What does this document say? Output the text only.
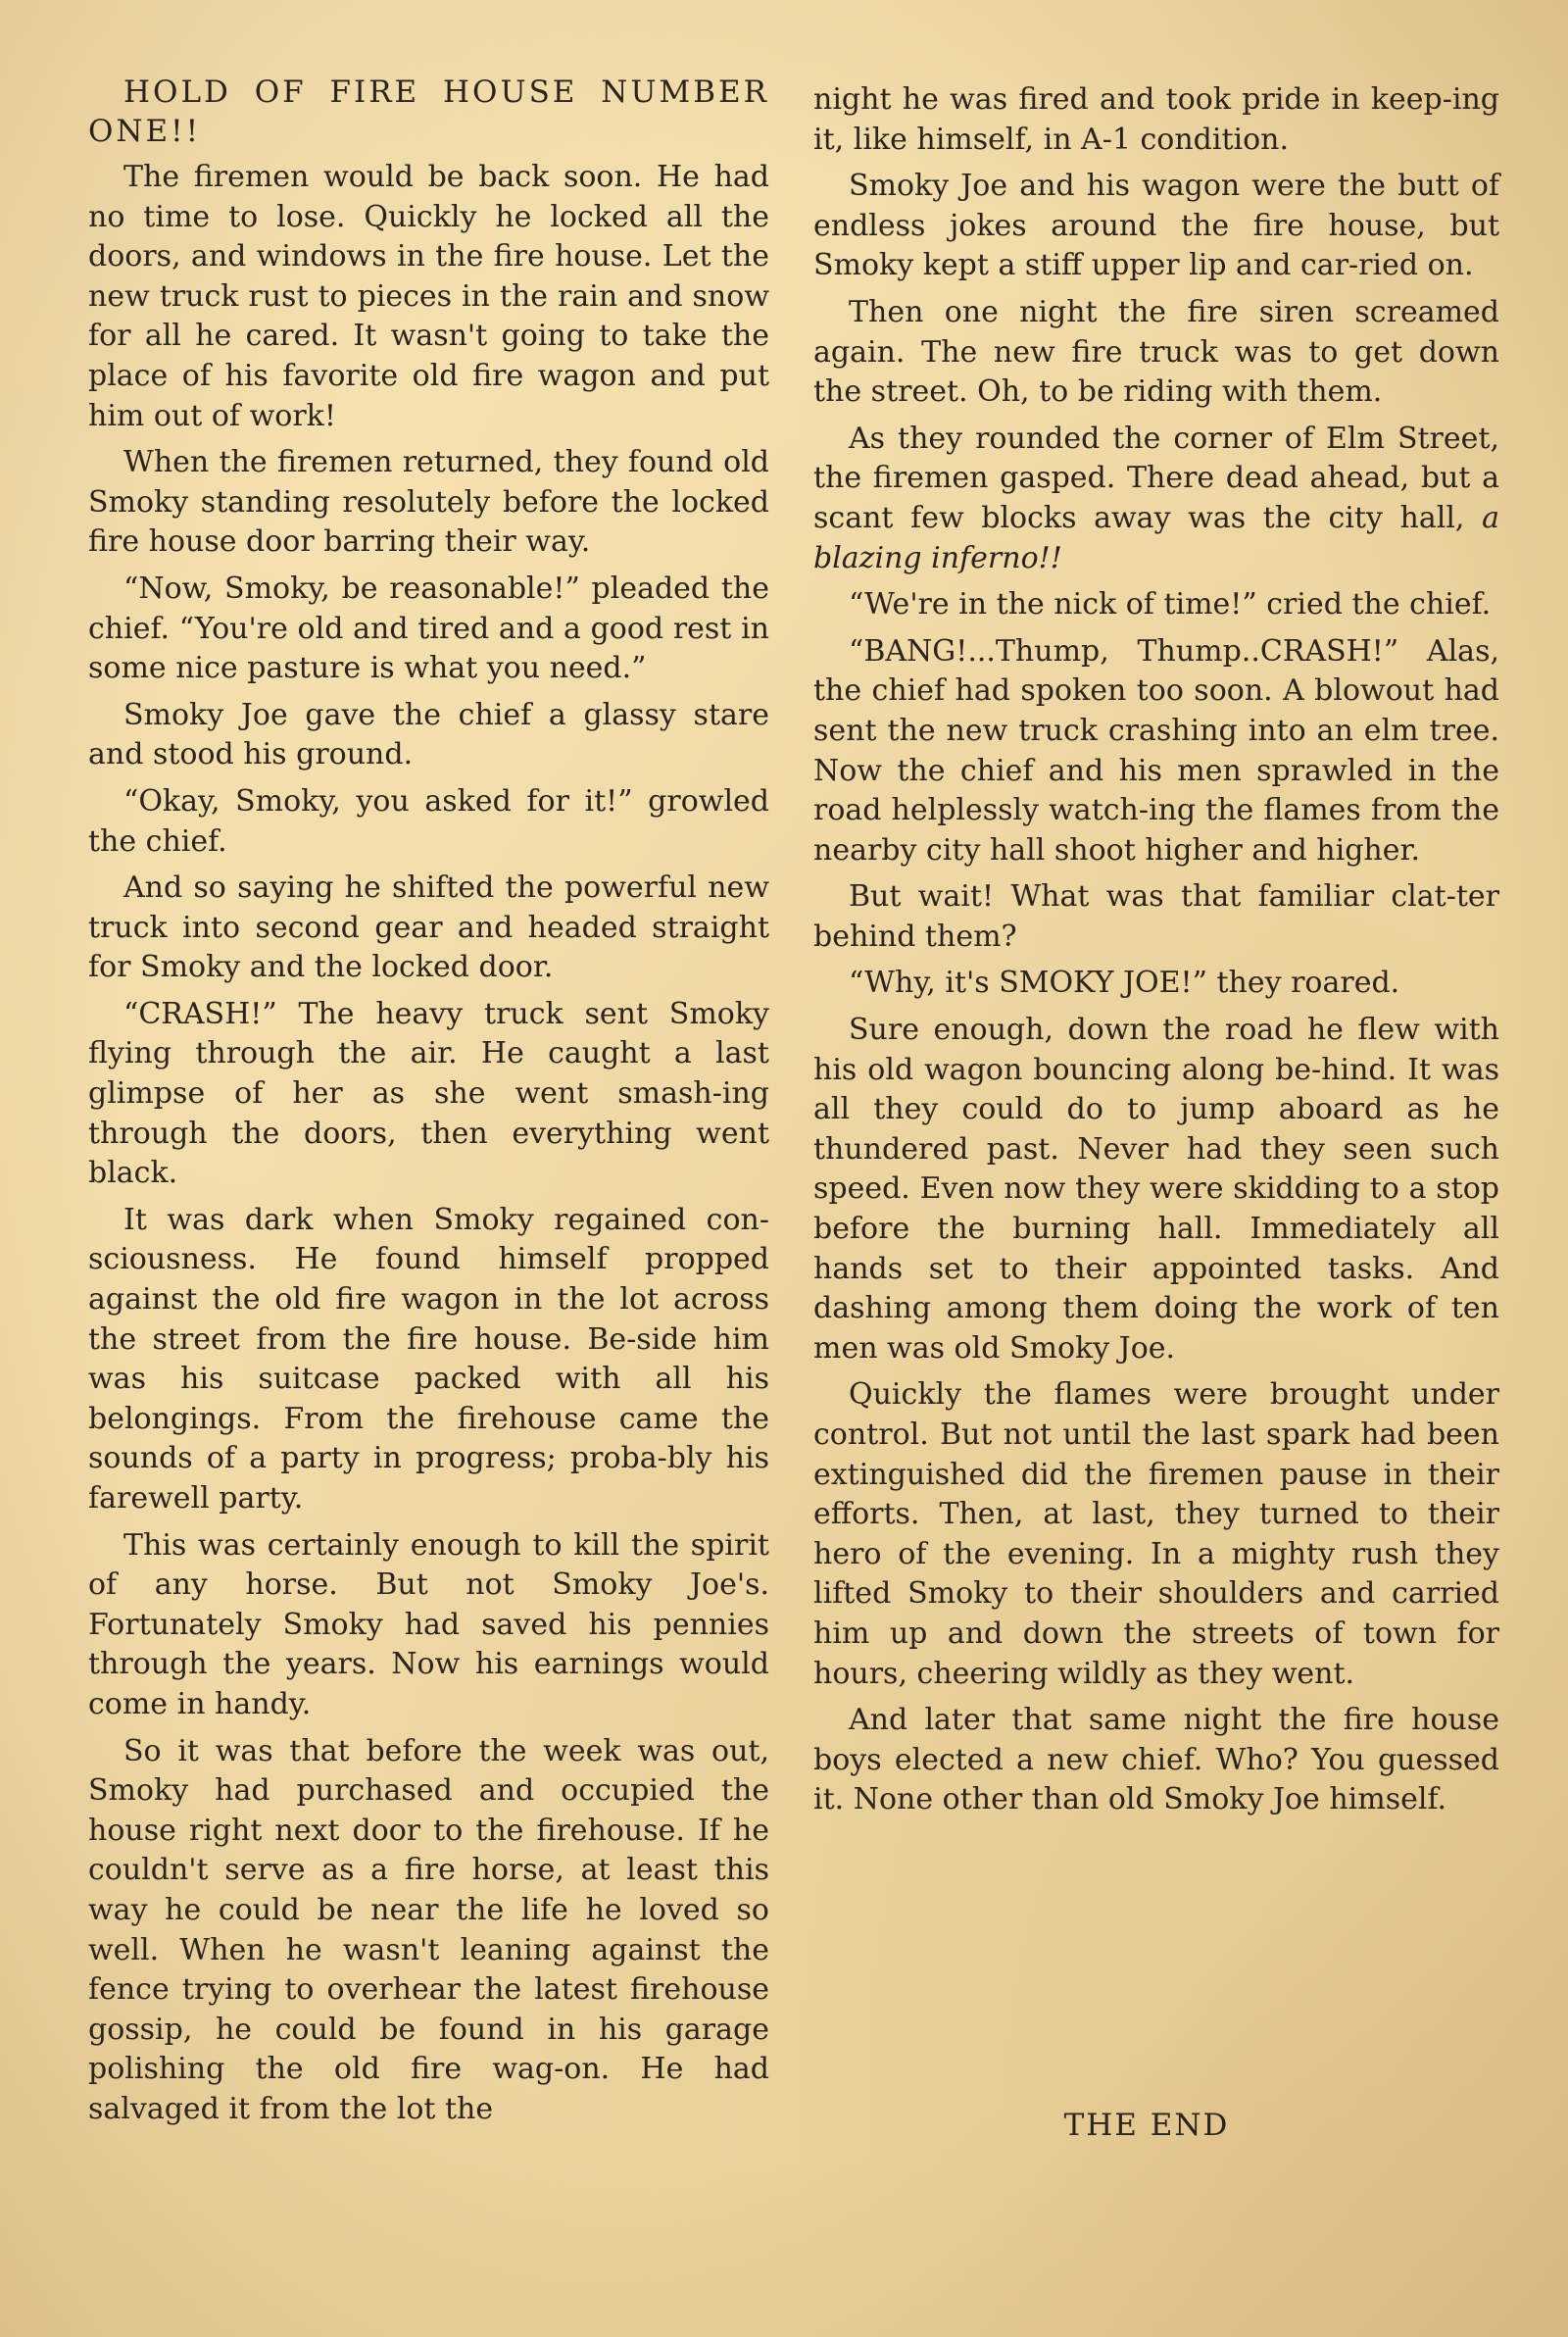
HOLD OF FIRE HOUSE NUMBER ONE!!

The firemen would be back soon. He had no time to lose. Quickly he locked all the doors, and windows in the fire house. Let the new truck rust to pieces in the rain and snow for all he cared. It wasn't going to take the place of his favorite old fire wagon and put him out of work!

When the firemen returned, they found old Smoky standing resolutely before the locked fire house door barring their way.

“Now, Smoky, be reasonable!” pleaded the chief. “You're old and tired and a good rest in some nice pasture is what you need.”

Smoky Joe gave the chief a glassy stare and stood his ground.

“Okay, Smoky, you asked for it!” growled the chief.

And so saying he shifted the powerful new truck into second gear and headed straight for Smoky and the locked door.

“CRASH!” The heavy truck sent Smoky flying through the air. He caught a last glimpse of her as she went smash-ing through the doors, then everything went black.

It was dark when Smoky regained con-sciousness. He found himself propped against the old fire wagon in the lot across the street from the fire house. Be-side him was his suitcase packed with all his belongings. From the firehouse came the sounds of a party in progress; proba-bly his farewell party.

This was certainly enough to kill the spirit of any horse. But not Smoky Joe's. Fortunately Smoky had saved his pennies through the years. Now his earnings would come in handy.

So it was that before the week was out, Smoky had purchased and occupied the house right next door to the firehouse. If he couldn't serve as a fire horse, at least this way he could be near the life he loved so well. When he wasn't leaning against the fence trying to overhear the latest firehouse gossip, he could be found in his garage polishing the old fire wag-on. He had salvaged it from the lot the

night he was fired and took pride in keep-ing it, like himself, in A-1 condition.

Smoky Joe and his wagon were the butt of endless jokes around the fire house, but Smoky kept a stiff upper lip and car-ried on.

Then one night the fire siren screamed again. The new fire truck was to get down the street. Oh, to be riding with them.

As they rounded the corner of Elm Street, the firemen gasped. There dead ahead, but a scant few blocks away was the city hall, a blazing inferno!!

“We're in the nick of time!” cried the chief.

“BANG!...Thump, Thump..CRASH!” Alas, the chief had spoken too soon. A blowout had sent the new truck crashing into an elm tree. Now the chief and his men sprawled in the road helplessly watch-ing the flames from the nearby city hall shoot higher and higher.

But wait! What was that familiar clat-ter behind them?

“Why, it's SMOKY JOE!” they roared.

Sure enough, down the road he flew with his old wagon bouncing along be-hind. It was all they could do to jump aboard as he thundered past. Never had they seen such speed. Even now they were skidding to a stop before the burning hall. Immediately all hands set to their appointed tasks. And dashing among them doing the work of ten men was old Smoky Joe.

Quickly the flames were brought under control. But not until the last spark had been extinguished did the firemen pause in their efforts. Then, at last, they turned to their hero of the evening. In a mighty rush they lifted Smoky to their shoulders and carried him up and down the streets of town for hours, cheering wildly as they went.

And later that same night the fire house boys elected a new chief. Who? You guessed it. None other than old Smoky Joe himself.

THE END
